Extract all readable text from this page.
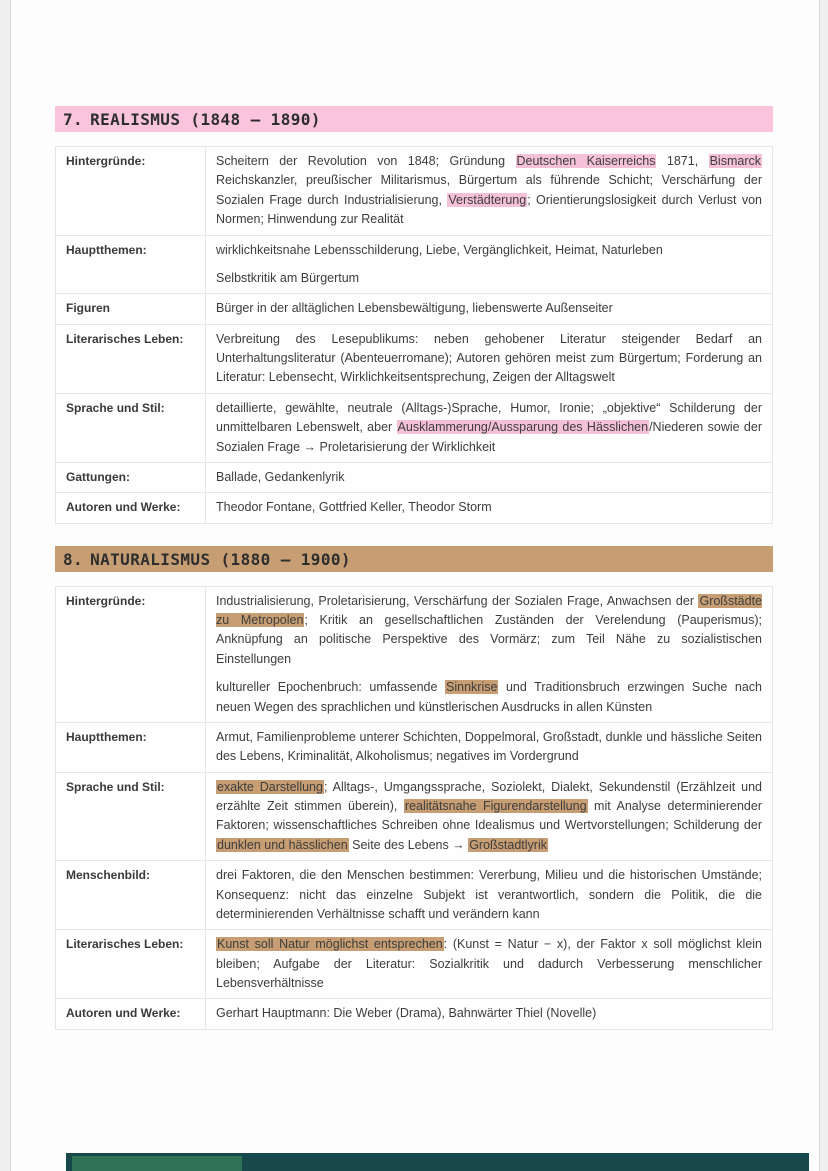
7. REALISMUS (1848 – 1890)
Hintergründe:	Scheitern der Revolution von 1848; Gründung Deutschen Kaiserreichs 1871, Bismarck Reichskanzler, preußischer Militarismus, Bürgertum als führende Schicht; Verschärfung der Sozialen Frage durch Industrialisierung, Verstädterung; Orientierungslosigkeit durch Verlust von Normen; Hinwendung zur Realität

Hauptthemen:	wirklichkeitsnahe Lebensschilderung, Liebe, Vergänglichkeit, Heimat, Naturleben

Selbstkritik am Bürgertum

Figuren	Bürger in der alltäglichen Lebensbewältigung, liebenswerte Außenseiter

Literarisches Leben:	Verbreitung des Lesepublikums: neben gehobener Literatur steigender Bedarf an Unterhaltungsliteratur (Abenteuerromane); Autoren gehören meist zum Bürgertum; Forderung an Literatur: Lebensecht, Wirklichkeitsentsprechung, Zeigen der Alltagswelt

Sprache und Stil:	detaillierte, gewählte, neutrale (Alltags-)Sprache, Humor, Ironie; „objektive“ Schilderung der unmittelbaren Lebenswelt, aber Ausklammerung/Aussparung des Hässlichen/Niederen sowie der Sozialen Frage → Proletarisierung der Wirklichkeit

Gattungen:	Ballade, Gedankenlyrik

Autoren und Werke:	Theodor Fontane, Gottfried Keller, Theodor Storm

8. NATURALISMUS (1880 – 1900)
Hintergründe:	Industrialisierung, Proletarisierung, Verschärfung der Sozialen Frage, Anwachsen der Großstädte zu Metropolen; Kritik an gesellschaftlichen Zuständen der Verelendung (Pauperismus); Anknüpfung an politische Perspektive des Vormärz; zum Teil Nähe zu sozialistischen Einstellungen

kultureller Epochenbruch: umfassende Sinnkrise und Traditionsbruch erzwingen Suche nach neuen Wegen des sprachlichen und künstlerischen Ausdrucks in allen Künsten

Hauptthemen:	Armut, Familienprobleme unterer Schichten, Doppelmoral, Großstadt, dunkle und hässliche Seiten des Lebens, Kriminalität, Alkoholismus; negatives im Vordergrund

Sprache und Stil:	exakte Darstellung; Alltags-, Umgangssprache, Soziolekt, Dialekt, Sekundenstil (Erzählzeit und erzählte Zeit stimmen überein), realitätsnahe Figurendarstellung mit Analyse determinierender Faktoren; wissenschaftliches Schreiben ohne Idealismus und Wertvorstellungen; Schilderung der dunklen und hässlichen Seite des Lebens → Großstadtlyrik

Menschenbild:	drei Faktoren, die den Menschen bestimmen: Vererbung, Milieu und die historischen Umstände; Konsequenz: nicht das einzelne Subjekt ist verantwortlich, sondern die Politik, die die determinierenden Verhältnisse schafft und verändern kann

Literarisches Leben:	Kunst soll Natur möglichst entsprechen: (Kunst = Natur − x), der Faktor x soll möglichst klein bleiben; Aufgabe der Literatur: Sozialkritik und dadurch Verbesserung menschlicher Lebensverhältnisse

Autoren und Werke:	Gerhart Hauptmann: Die Weber (Drama), Bahnwärter Thiel (Novelle)
